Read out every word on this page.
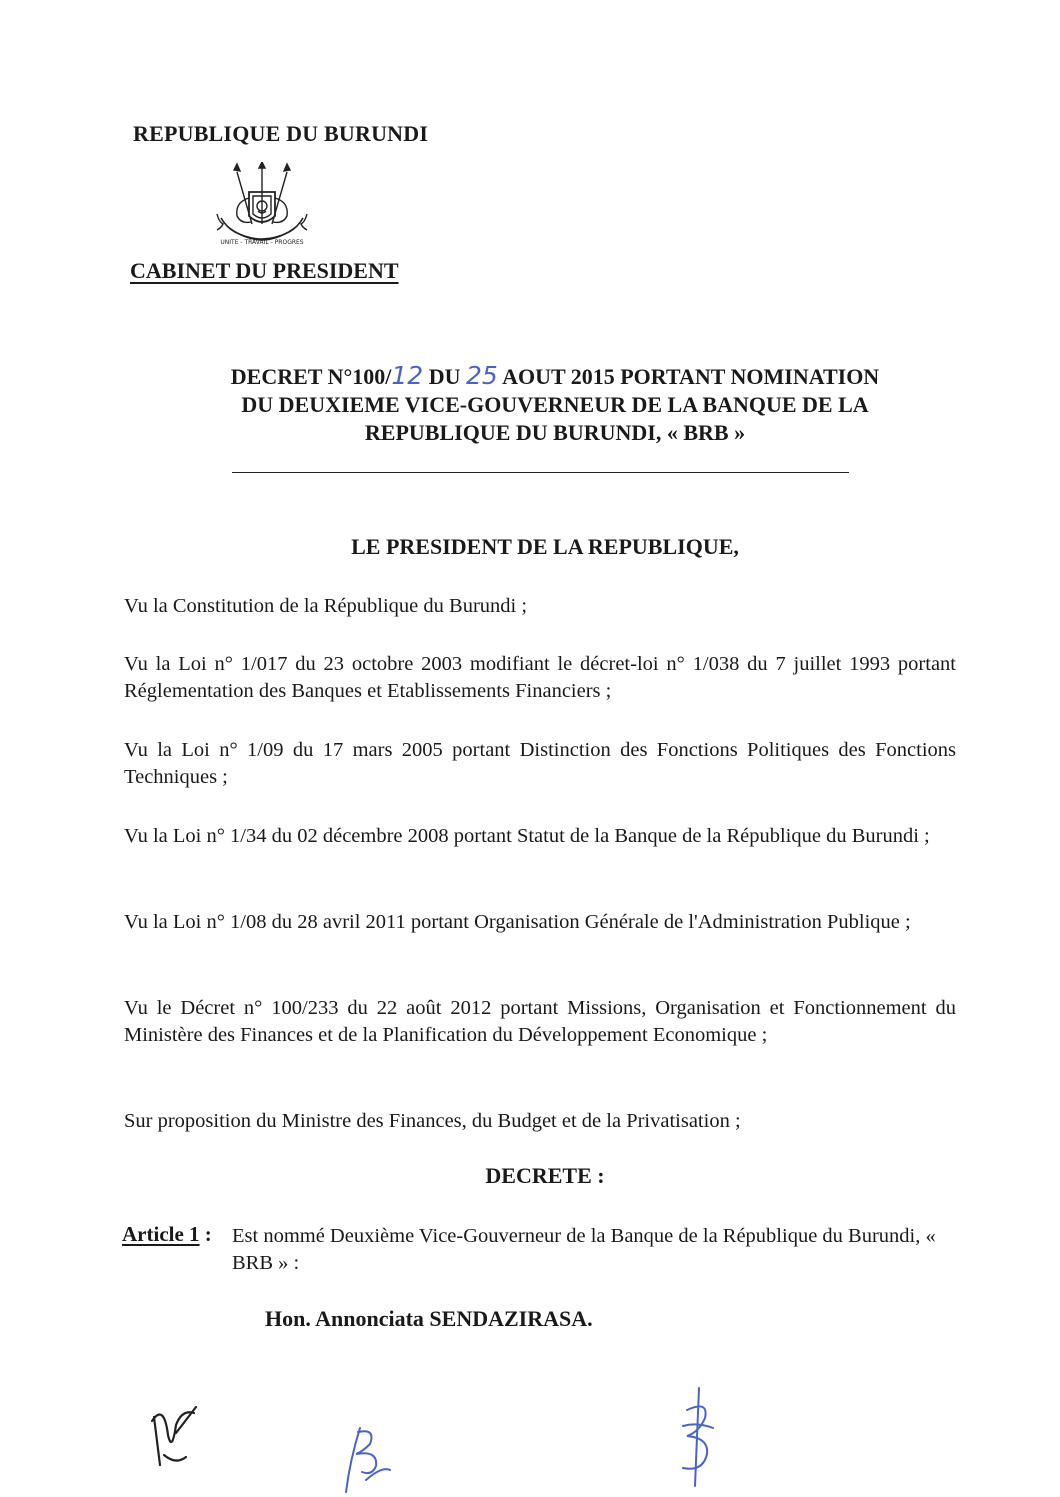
REPUBLIQUE DU BURUNDI
UNITE - TRAVAIL - PROGRES
CABINET DU PRESIDENT
DECRET N°100/12 DU 25 AOUT 2015 PORTANT NOMINATION
DU DEUXIEME VICE-GOUVERNEUR DE LA BANQUE DE LA
REPUBLIQUE DU BURUNDI, « BRB »
LE PRESIDENT DE LA REPUBLIQUE,
Vu la Constitution de la République du Burundi ;
Vu la Loi n° 1/017 du 23 octobre 2003 modifiant le décret-loi n° 1/038 du 7 juillet 1993 portant Réglementation des Banques et Etablissements Financiers ;
Vu la Loi n° 1/09 du 17 mars 2005 portant Distinction des Fonctions Politiques des Fonctions Techniques ;
Vu la Loi n° 1/34 du 02 décembre 2008 portant Statut de la Banque de la République du Burundi ;
Vu la Loi n° 1/08 du 28 avril 2011 portant Organisation Générale de l'Administration Publique ;
Vu le Décret n° 100/233 du 22 août 2012 portant Missions, Organisation et Fonctionnement du Ministère des Finances et de la Planification du Développement Economique ;
Sur proposition du Ministre des Finances, du Budget et de la Privatisation ;
DECRETE :
Article 1 : Est nommé Deuxième Vice-Gouverneur de la Banque de la République du Burundi, « BRB » :
Hon. Annonciata SENDAZIRASA.
